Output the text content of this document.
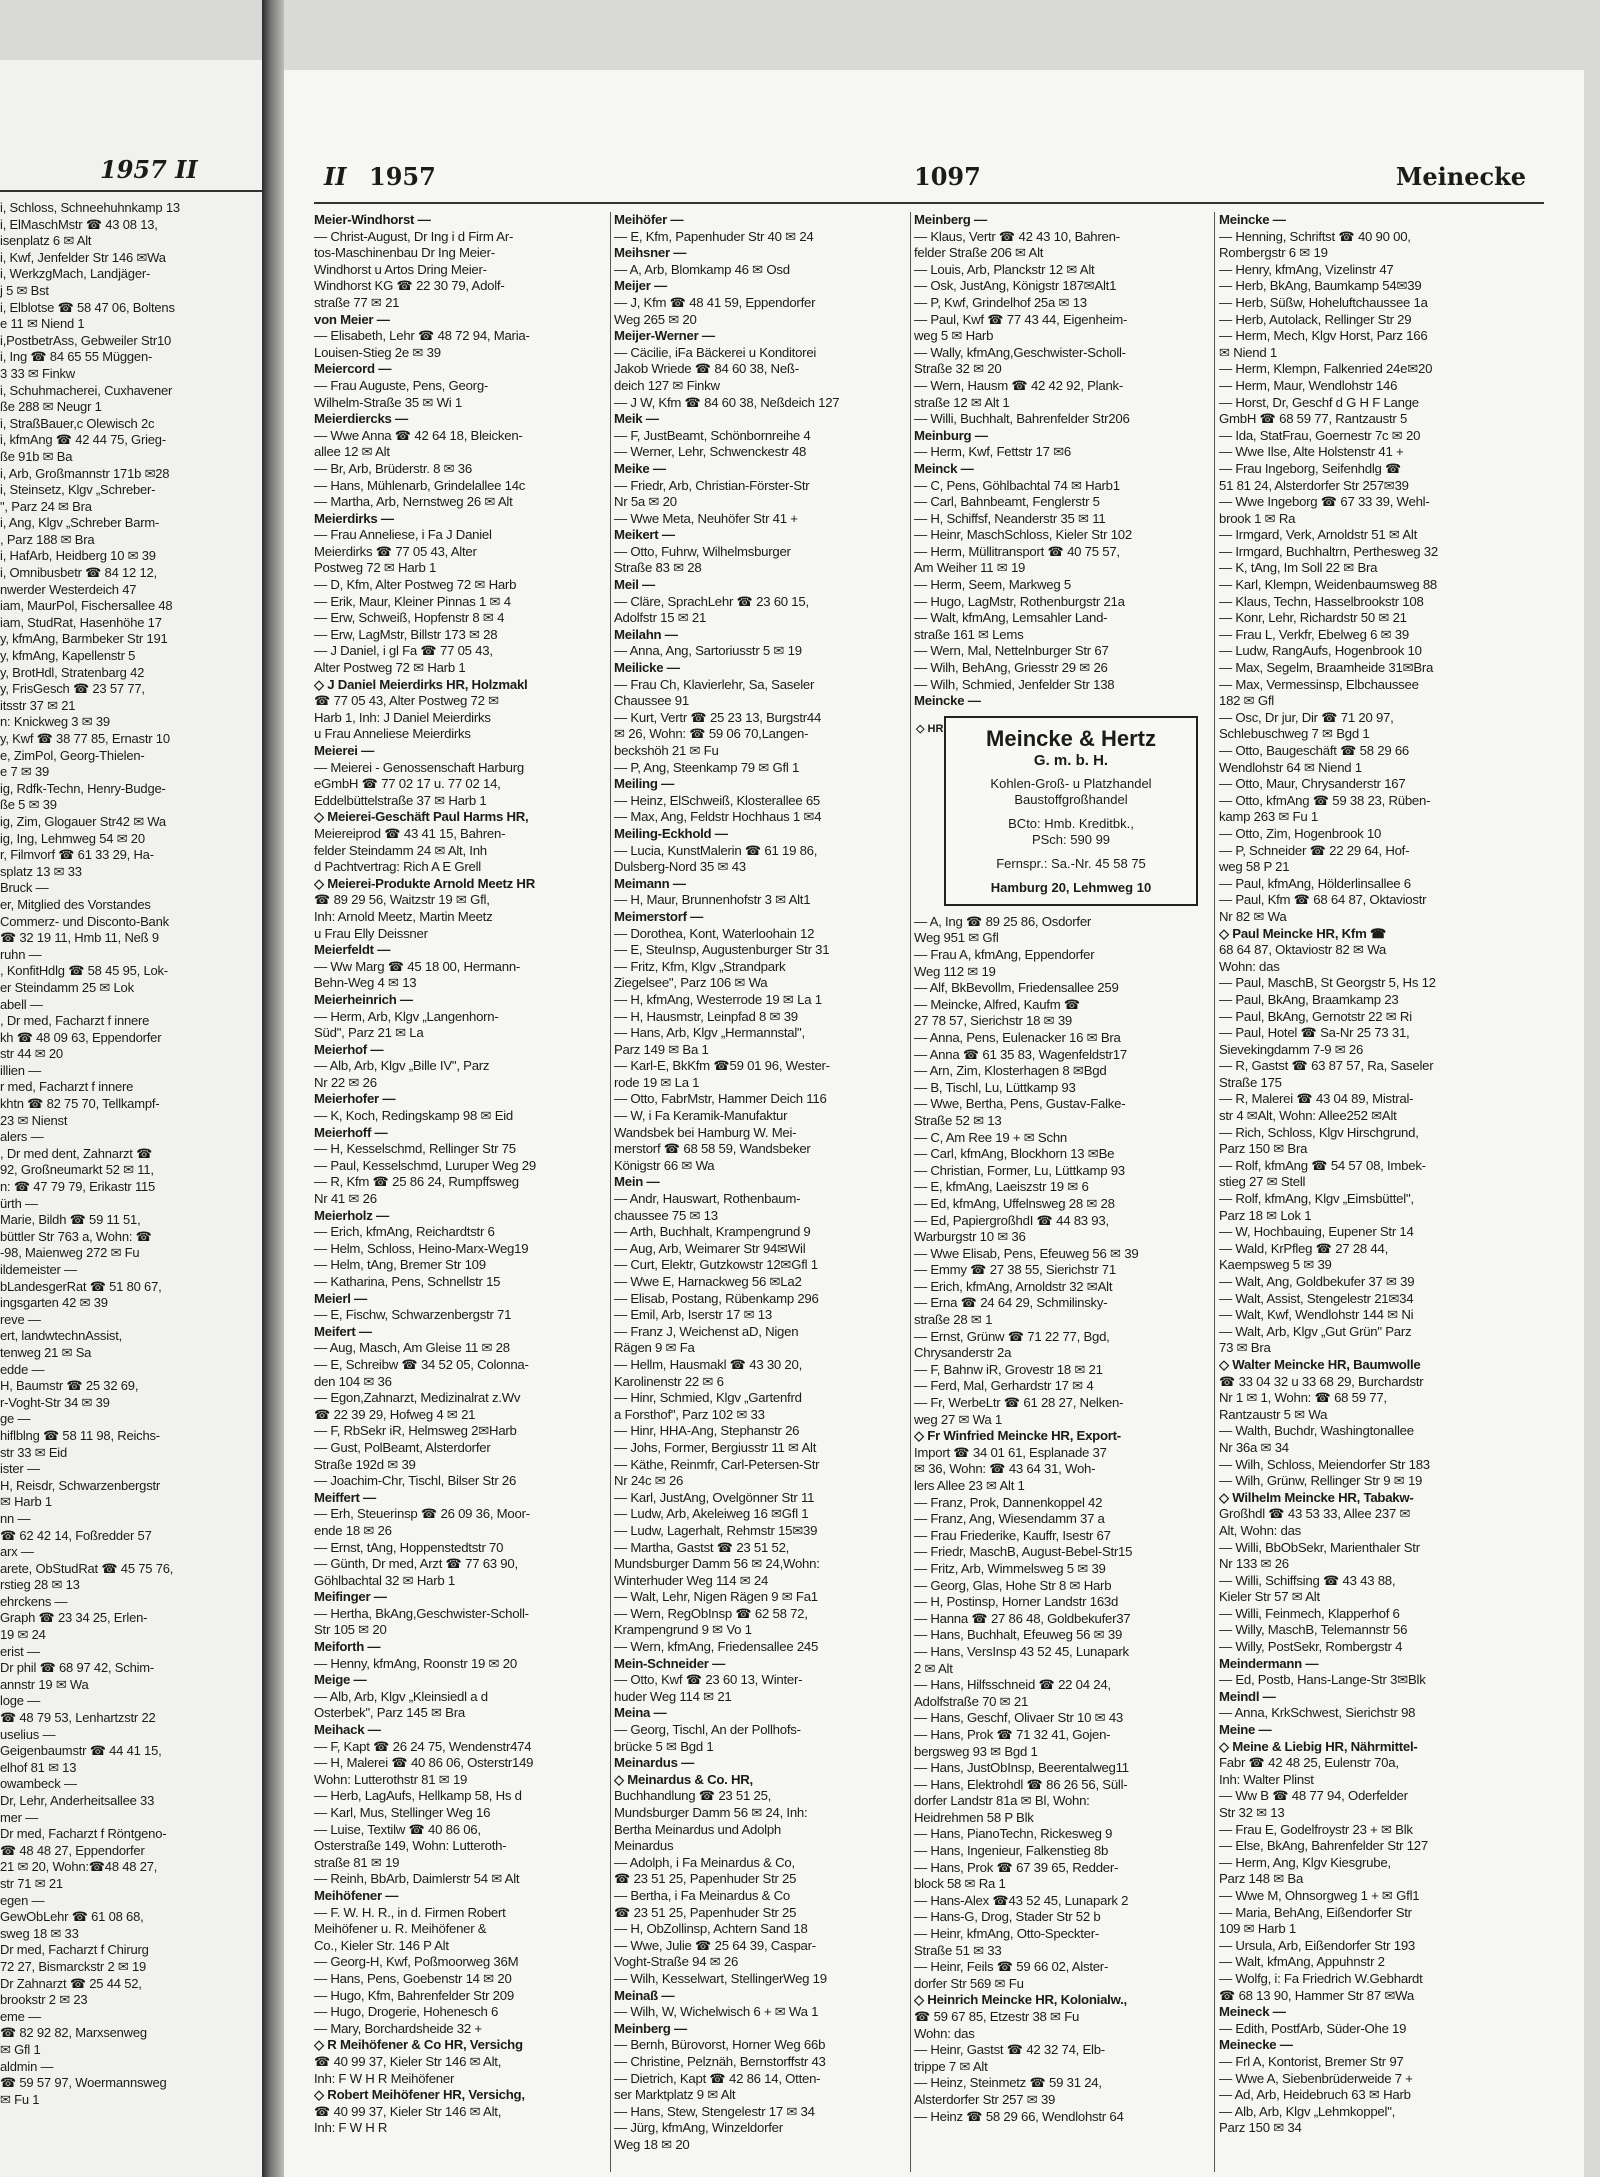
1957 II
i, Schloss, Schneehuhnkamp 13
i, ElMaschMstr ☎ 43 08 13,
isenplatz 6 ✉ Alt
i, Kwf, Jenfelder Str 146 ✉Wa
i, WerkzgMach, Landjäger-
j 5 ✉ Bst
i, Elblotse ☎ 58 47 06, Boltens
e 11 ✉ Niend 1
i,PostbetrAss, Gebweiler Str10
i, Ing ☎ 84 65 55 Müggen-
3 33 ✉ Finkw
i, Schuhmacherei, Cuxhavener
ße 288 ✉ Neugr 1
i, StraßBauer,c Olewisch 2c
i, kfmAng ☎ 42 44 75, Grieg-
ße 91b ✉ Ba
i, Arb, Großmannstr 171b ✉28
i, Steinsetz, Klgv „Schreber-
", Parz 24 ✉ Bra
i, Ang, Klgv „Schreber Barm-
, Parz 188 ✉ Bra
i, HafArb, Heidberg 10 ✉ 39
i, Omnibusbetr ☎ 84 12 12,
nwerder Westerdeich 47
iam, MaurPol, Fischersallee 48
iam, StudRat, Hasenhöhe 17
y, kfmAng, Barmbeker Str 191
y, kfmAng, Kapellenstr 5
y, BrotHdl, Stratenbarg 42
y, FrisGesch ☎ 23 57 77,
itsstr 37 ✉ 21
n: Knickweg 3 ✉ 39
y, Kwf ☎ 38 77 85, Ernastr 10
e, ZimPol, Georg-Thielen-
e 7 ✉ 39
ig, Rdfk-Techn, Henry-Budge-
ße 5 ✉ 39
ig, Zim, Glogauer Str42 ✉ Wa
ig, Ing, Lehmweg 54 ✉ 20
r, Filmvorf ☎ 61 33 29, Ha-
splatz 13 ✉ 33
Bruck —
er, Mitglied des Vorstandes
Commerz- und Disconto-Bank
☎ 32 19 11, Hmb 11, Neß 9
ruhn —
, KonfitHdlg ☎ 58 45 95, Lok-
er Steindamm 25 ✉ Lok
abell —
, Dr med, Facharzt f innere
kh ☎ 48 09 63, Eppendorfer
str 44 ✉ 20
illien —
r med, Facharzt f innere
khtn ☎ 82 75 70, Tellkampf-
23 ✉ Nienst
alers —
, Dr med dent, Zahnarzt ☎
92, Großneumarkt 52 ✉ 11,
n: ☎ 47 79 79, Erikastr 115
ürth —
Marie, Bildh ☎ 59 11 51,
büttler Str 763 a, Wohn: ☎
-98, Maienweg 272 ✉ Fu
ildemeister —
bLandesgerRat ☎ 51 80 67,
ingsgarten 42 ✉ 39
reve —
ert, landwtechnAssist,
tenweg 21 ✉ Sa
edde —
H, Baumstr ☎ 25 32 69,
r-Voght-Str 34 ✉ 39
ge —
hiflblng ☎ 58 11 98, Reichs-
str 33 ✉ Eid
ister —
H, Reisdr, Schwarzenbergstr
✉ Harb 1
nn —
☎ 62 42 14, Foßredder 57
arx —
arete, ObStudRat ☎ 45 75 76,
rstieg 28 ✉ 13
ehrckens —
Graph ☎ 23 34 25, Erlen-
19 ✉ 24
erist —
Dr phil ☎ 68 97 42, Schim-
annstr 19 ✉ Wa
loge —
☎ 48 79 53, Lenhartzstr 22
uselius —
Geigenbaumstr ☎ 44 41 15,
elhof 81 ✉ 13
owambeck —
Dr, Lehr, Anderheitsallee 33
mer —
Dr med, Facharzt f Röntgeno-
☎ 48 48 27, Eppendorfer
21 ✉ 20, Wohn:☎48 48 27,
str 71 ✉ 21
egen —
GewObLehr ☎ 61 08 68,
sweg 18 ✉ 33
Dr med, Facharzt f Chirurg
72 27, Bismarckstr 2 ✉ 19
Dr Zahnarzt ☎ 25 44 52,
brookstr 2 ✉ 23
eme —
☎ 82 92 82, Marxsenweg
✉ Gfl 1
aldmin —
☎ 59 57 97, Woermannsweg
✉ Fu 1
II 1957	1097	Meinecke
Meier-Windhorst —
— Christ-August, Dr Ing i d Firm Ar-
tos-Maschinenbau Dr Ing Meier-
Windhorst u Artos Dring Meier-
Windhorst KG ☎ 22 30 79, Adolf-
straße 77 ✉ 21
von Meier —
— Elisabeth, Lehr ☎ 48 72 94, Maria-
Louisen-Stieg 2e ✉ 39
Meiercord —
— Frau Auguste, Pens, Georg-
Wilhelm-Straße 35 ✉ Wi 1
Meierdiercks —
— Wwe Anna ☎ 42 64 18, Bleicken-
allee 12 ✉ Alt
— Br, Arb, Brüderstr. 8 ✉ 36
— Hans, Mühlenarb, Grindelallee 14c
— Martha, Arb, Nernstweg 26 ✉ Alt
Meierdirks —
— Frau Anneliese, i Fa J Daniel
Meierdirks ☎ 77 05 43, Alter
Postweg 72 ✉ Harb 1
— D, Kfm, Alter Postweg 72 ✉ Harb
— Erik, Maur, Kleiner Pinnas 1 ✉ 4
— Erw, Schweiß, Hopfenstr 8 ✉ 4
— Erw, LagMstr, Billstr 173 ✉ 28
— J Daniel, i gl Fa ☎ 77 05 43,
Alter Postweg 72 ✉ Harb 1
◇ J Daniel Meierdirks HR, Holzmakl
☎ 77 05 43, Alter Postweg 72 ✉
Harb 1, Inh: J Daniel Meierdirks
u Frau Anneliese Meierdirks
Meierei —
— Meierei - Genossenschaft Harburg
eGmbH ☎ 77 02 17 u. 77 02 14,
Eddelbüttelstraße 37 ✉ Harb 1
◇ Meierei-Geschäft Paul Harms HR,
Meiereiprod ☎ 43 41 15, Bahren-
felder Steindamm 24 ✉ Alt, Inh
d Pachtvertrag: Rich A E Grell
◇ Meierei-Produkte Arnold Meetz HR
☎ 89 29 56, Waitzstr 19 ✉ Gfl,
Inh: Arnold Meetz, Martin Meetz
u Frau Elly Deissner
Meierfeldt —
— Ww Marg ☎ 45 18 00, Hermann-
Behn-Weg 4 ✉ 13
Meierheinrich —
— Herm, Arb, Klgv „Langenhorn-
Süd", Parz 21 ✉ La
Meierhof —
— Alb, Arb, Klgv „Bille IV", Parz
Nr 22 ✉ 26
Meierhofer —
— K, Koch, Redingskamp 98 ✉ Eid
Meierhoff —
— H, Kesselschmd, Rellinger Str 75
— Paul, Kesselschmd, Luruper Weg 29
— R, Kfm ☎ 25 86 24, Rumpffsweg
Nr 41 ✉ 26
Meierholz —
— Erich, kfmAng, Reichardtstr 6
— Helm, Schloss, Heino-Marx-Weg19
— Helm, tAng, Bremer Str 109
— Katharina, Pens, Schnellstr 15
Meierl —
— E, Fischw, Schwarzenbergstr 71
Meifert —
— Aug, Masch, Am Gleise 11 ✉ 28
— E, Schreibw ☎ 34 52 05, Colonna-
den 104 ✉ 36
— Egon,Zahnarzt, Medizinalrat z.Wv
☎ 22 39 29, Hofweg 4 ✉ 21
— F, RbSekr iR, Helmsweg 2✉Harb
— Gust, PolBeamt, Alsterdorfer
Straße 192d ✉ 39
— Joachim-Chr, Tischl, Bilser Str 26
Meiffert —
— Erh, Steuerinsp ☎ 26 09 36, Moor-
ende 18 ✉ 26
— Ernst, tAng, Hoppenstedtstr 70
— Günth, Dr med, Arzt ☎ 77 63 90,
Göhlbachtal 32 ✉ Harb 1
Meifinger —
— Hertha, BkAng,Geschwister-Scholl-
Str 105 ✉ 20
Meiforth —
— Henny, kfmAng, Roonstr 19 ✉ 20
Meige —
— Alb, Arb, Klgv „Kleinsiedl a d
Osterbek", Parz 145 ✉ Bra
Meihack —
— F, Kapt ☎ 26 24 75, Wendenstr474
— H, Malerei ☎ 40 86 06, Osterstr149
Wohn: Lutterothstr 81 ✉ 19
— Herb, LagAufs, Hellkamp 58, Hs d
— Karl, Mus, Stellinger Weg 16
— Luise, Textilw ☎ 40 86 06,
Osterstraße 149, Wohn: Lutteroth-
straße 81 ✉ 19
— Reinh, BbArb, Daimlerstr 54 ✉ Alt
Meihöfener —
— F. W. H. R., in d. Firmen Robert
Meihöfener u. R. Meihöfener &
Co., Kieler Str. 146 P Alt
— Georg-H, Kwf, Poßmoorweg 36M
— Hans, Pens, Goebenstr 14 ✉ 20
— Hugo, Kfm, Bahrenfelder Str 209
— Hugo, Drogerie, Hohenesch 6
— Mary, Borchardsheide 32 +
◇ R Meihöfener & Co HR, Versichg
☎ 40 99 37, Kieler Str 146 ✉ Alt,
Inh: F W H R Meihöfener
◇ Robert Meihöfener HR, Versichg,
☎ 40 99 37, Kieler Str 146 ✉ Alt,
Inh: F W H R
Meihöfer —
— E, Kfm, Papenhuder Str 40 ✉ 24
Meihsner —
— A, Arb, Blomkamp 46 ✉ Osd
Meijer —
— J, Kfm ☎ 48 41 59, Eppendorfer
Weg 265 ✉ 20
Meijer-Werner —
— Cäcilie, iFa Bäckerei u Konditorei
Jakob Wriede ☎ 84 60 38, Neß-
deich 127 ✉ Finkw
— J W, Kfm ☎ 84 60 38, Neßdeich 127
Meik —
— F, JustBeamt, Schönbornreihe 4
— Werner, Lehr, Schwenckestr 48
Meike —
— Friedr, Arb, Christian-Förster-Str
Nr 5a ✉ 20
— Wwe Meta, Neuhöfer Str 41 +
Meikert —
— Otto, Fuhrw, Wilhelmsburger
Straße 83 ✉ 28
Meil —
— Cläre, SprachLehr ☎ 23 60 15,
Adolfstr 15 ✉ 21
Meilahn —
— Anna, Ang, Sartoriusstr 5 ✉ 19
Meilicke —
— Frau Ch, Klavierlehr, Sa, Saseler
Chaussee 91
— Kurt, Vertr ☎ 25 23 13, Burgstr44
✉ 26, Wohn: ☎ 59 06 70,Langen-
beckshöh 21 ✉ Fu
— P, Ang, Steenkamp 79 ✉ Gfl 1
Meiling —
— Heinz, ElSchweiß, Klosterallee 65
— Max, Ang, Feldstr Hochhaus 1 ✉4
Meiling-Eckhold —
— Lucia, KunstMalerin ☎ 61 19 86,
Dulsberg-Nord 35 ✉ 43
Meimann —
— H, Maur, Brunnenhofstr 3 ✉ Alt1
Meimerstorf —
— Dorothea, Kont, Waterloohain 12
— E, SteuInsp, Augustenburger Str 31
— Fritz, Kfm, Klgv „Strandpark
Ziegelsee", Parz 106 ✉ Wa
— H, kfmAng, Westerrode 19 ✉ La 1
— H, Hausmstr, Leinpfad 8 ✉ 39
— Hans, Arb, Klgv „Hermannstal",
Parz 149 ✉ Ba 1
— Karl-E, BkKfm ☎59 01 96, Wester-
rode 19 ✉ La 1
— Otto, FabrMstr, Hammer Deich 116
— W, i Fa Keramik-Manufaktur
Wandsbek bei Hamburg W. Mei-
merstorf ☎ 68 58 59, Wandsbeker
Königstr 66 ✉ Wa
Mein —
— Andr, Hauswart, Rothenbaum-
chaussee 75 ✉ 13
— Arth, Buchhalt, Krampengrund 9
— Aug, Arb, Weimarer Str 94✉Wil
— Curt, Elektr, Gutzkowstr 12✉Gfl 1
— Wwe E, Harnackweg 56 ✉La2
— Elisab, Postang, Rübenkamp 296
— Emil, Arb, Iserstr 17 ✉ 13
— Franz J, Weichenst aD, Nigen
Rägen 9 ✉ Fa
— Hellm, Hausmakl ☎ 43 30 20,
Karolinenstr 22 ✉ 6
— Hinr, Schmied, Klgv „Gartenfrd
a Forsthof", Parz 102 ✉ 33
— Hinr, HHA-Ang, Stephanstr 26
— Johs, Former, Bergiusstr 11 ✉ Alt
— Käthe, Reinmfr, Carl-Petersen-Str
Nr 24c ✉ 26
— Karl, JustAng, Ovelgönner Str 11
— Ludw, Arb, Akeleiweg 16 ✉Gfl 1
— Ludw, Lagerhalt, Rehmstr 15✉39
— Martha, Gastst ☎ 23 51 52,
Mundsburger Damm 56 ✉ 24,Wohn:
Winterhuder Weg 114 ✉ 24
— Walt, Lehr, Nigen Rägen 9 ✉ Fa1
— Wern, RegObInsp ☎ 62 58 72,
Krampengrund 9 ✉ Vo 1
— Wern, kfmAng, Friedensallee 245
Mein-Schneider —
— Otto, Kwf ☎ 23 60 13, Winter-
huder Weg 114 ✉ 21
Meina —
— Georg, Tischl, An der Pollhofs-
brücke 5 ✉ Bgd 1
Meinardus —
◇ Meinardus & Co. HR,
Buchhandlung ☎ 23 51 25,
Mundsburger Damm 56 ✉ 24, Inh:
Bertha Meinardus und Adolph
Meinardus
— Adolph, i Fa Meinardus & Co,
☎ 23 51 25, Papenhuder Str 25
— Bertha, i Fa Meinardus & Co
☎ 23 51 25, Papenhuder Str 25
— H, ObZollinsp, Achtern Sand 18
— Wwe, Julie ☎ 25 64 39, Caspar-
Voght-Straße 94 ✉ 26
— Wilh, Kesselwart, StellingerWeg 19
Meinaß —
— Wilh, W, Wichelwisch 6 + ✉ Wa 1
Meinberg —
— Bernh, Bürovorst, Horner Weg 66b
— Christine, Pelznäh, Bernstorffstr 43
— Dietrich, Kapt ☎ 42 86 14, Otten-
ser Marktplatz 9 ✉ Alt
— Hans, Stew, Stengelestr 17 ✉ 34
— Jürg, kfmAng, Winzeldorfer
Weg 18 ✉ 20
Meinberg —
— Klaus, Vertr ☎ 42 43 10, Bahren-
felder Straße 206 ✉ Alt
— Louis, Arb, Planckstr 12 ✉ Alt
— Osk, JustAng, Königstr 187✉Alt1
— P, Kwf, Grindelhof 25a ✉ 13
— Paul, Kwf ☎ 77 43 44, Eigenheim-
weg 5 ✉ Harb
— Wally, kfmAng,Geschwister-Scholl-
Straße 32 ✉ 20
— Wern, Hausm ☎ 42 42 92, Plank-
straße 12 ✉ Alt 1
— Willi, Buchhalt, Bahrenfelder Str206
Meinburg —
— Herm, Kwf, Fettstr 17 ✉6
Meinck —
— C, Pens, Göhlbachtal 74 ✉ Harb1
— Carl, Bahnbeamt, Fenglerstr 5
— H, Schiffsf, Neanderstr 35 ✉ 11
— Heinr, MaschSchloss, Kieler Str 102
— Herm, Müllitransport ☎ 40 75 57,
Am Weiher 11 ✉ 19
— Herm, Seem, Markweg 5
— Hugo, LagMstr, Rothenburgstr 21a
— Walt, kfmAng, Lemsahler Land-
straße 161 ✉ Lems
— Wern, Mal, Nettelnburger Str 67
— Wilh, BehAng, Griesstr 29 ✉ 26
— Wilh, Schmied, Jenfelder Str 138
Meincke —
◇ HR	Meincke & Hertz
G. m. b. H.
Kohlen-Groß- u Platzhandel
Baustoffgroßhandel
BCto: Hmb. Kreditbk.,
PSch: 590 99
Fernspr.: Sa.-Nr. 45 58 75
Hamburg 20, Lehmweg 10
— A, Ing ☎ 89 25 86, Osdorfer
Weg 951 ✉ Gfl
— Frau A, kfmAng, Eppendorfer
Weg 112 ✉ 19
— Alf, BkBevollm, Friedensallee 259
— Meincke, Alfred, Kaufm ☎
27 78 57, Sierichstr 18 ✉ 39
— Anna, Pens, Eulenacker 16 ✉ Bra
— Anna ☎ 61 35 83, Wagenfeldstr17
— Arn, Zim, Klosterhagen 8 ✉Bgd
— B, Tischl, Lu, Lüttkamp 93
— Wwe, Bertha, Pens, Gustav-Falke-
Straße 52 ✉ 13
— C, Am Ree 19 + ✉ Schn
— Carl, kfmAng, Blockhorn 13 ✉Be
— Christian, Former, Lu, Lüttkamp 93
— E, kfmAng, Laeiszstr 19 ✉ 6
— Ed, kfmAng, Uffelnsweg 28 ✉ 28
— Ed, PapiergroßhdI ☎ 44 83 93,
Warburgstr 10 ✉ 36
— Wwe Elisab, Pens, Efeuweg 56 ✉ 39
— Emmy ☎ 27 38 55, Sierichstr 71
— Erich, kfmAng, Arnoldstr 32 ✉Alt
— Erna ☎ 24 64 29, Schmilinsky-
straße 28 ✉ 1
— Ernst, Grünw ☎ 71 22 77, Bgd,
Chrysanderstr 2a
— F, Bahnw iR, Grovestr 18 ✉ 21
— Ferd, Mal, Gerhardstr 17 ✉ 4
— Fr, WerbeLtr ☎ 61 28 27, Nelken-
weg 27 ✉ Wa 1
◇ Fr Winfried Meincke HR, Export-
Import ☎ 34 01 61, Esplanade 37
✉ 36, Wohn: ☎ 43 64 31, Woh-
lers Allee 23 ✉ Alt 1
— Franz, Prok, Dannenkoppel 42
— Franz, Ang, Wiesendamm 37 a
— Frau Friederike, Kauffr, Isestr 67
— Friedr, MaschB, August-Bebel-Str15
— Fritz, Arb, Wimmelsweg 5 ✉ 39
— Georg, Glas, Hohe Str 8 ✉ Harb
— H, Postinsp, Horner Landstr 163d
— Hanna ☎ 27 86 48, Goldbekufer37
— Hans, Buchhalt, Efeuweg 56 ✉ 39
— Hans, VersInsp 43 52 45, Lunapark
2 ✉ Alt
— Hans, Hilfsschneid ☎ 22 04 24,
Adolfstraße 70 ✉ 21
— Hans, Geschf, Olivaer Str 10 ✉ 43
— Hans, Prok ☎ 71 32 41, Gojen-
bergsweg 93 ✉ Bgd 1
— Hans, JustObInsp, Beerentalweg11
— Hans, Elektrohdl ☎ 86 26 56, Süll-
dorfer Landstr 81a ✉ Bl, Wohn:
Heidrehmen 58 P Blk
— Hans, PianoTechn, Rickesweg 9
— Hans, Ingenieur, Falkenstieg 8b
— Hans, Prok ☎ 67 39 65, Redder-
block 58 ✉ Ra 1
— Hans-Alex ☎43 52 45, Lunapark 2
— Hans-G, Drog, Stader Str 52 b
— Heinr, kfmAng, Otto-Speckter-
Straße 51 ✉ 33
— Heinr, Feils ☎ 59 66 02, Alster-
dorfer Str 569 ✉ Fu
◇ Heinrich Meincke HR, Kolonialw.,
☎ 59 67 85, Etzestr 38 ✉ Fu
Wohn: das
— Heinr, Gastst ☎ 42 32 74, Elb-
trippe 7 ✉ Alt
— Heinz, Steinmetz ☎ 59 31 24,
Alsterdorfer Str 257 ✉ 39
— Heinz ☎ 58 29 66, Wendlohstr 64
Meincke —
— Henning, Schriftst ☎ 40 90 00,
Rombergstr 6 ✉ 19
— Henry, kfmAng, Vizelinstr 47
— Herb, BkAng, Baumkamp 54✉39
— Herb, Süßw, Hoheluftchaussee 1a
— Herb, Autolack, Rellinger Str 29
— Herm, Mech, Klgv Horst, Parz 166
✉ Niend 1
— Herm, Klempn, Falkenried 24e✉20
— Herm, Maur, Wendlohstr 146
— Horst, Dr, Geschf d G H F Lange
GmbH ☎ 68 59 77, Rantzaustr 5
— Ida, StatFrau, Goernestr 7c ✉ 20
— Wwe Ilse, Alte Holstenstr 41 +
— Frau Ingeborg, Seifenhdlg ☎
51 81 24, Alsterdorfer Str 257✉39
— Wwe Ingeborg ☎ 67 33 39, Wehl-
brook 1 ✉ Ra
— Irmgard, Verk, Arnoldstr 51 ✉ Alt
— Irmgard, Buchhaltrn, Perthesweg 32
— K, tAng, Im Soll 22 ✉ Bra
— Karl, Klempn, Weidenbaumsweg 88
— Klaus, Techn, Hasselbrookstr 108
— Konr, Lehr, Richardstr 50 ✉ 21
— Frau L, Verkfr, Ebelweg 6 ✉ 39
— Ludw, RangAufs, Hogenbrook 10
— Max, Segelm, Braamheide 31✉Bra
— Max, Vermessinsp, Elbchaussee
182 ✉ Gfl
— Osc, Dr jur, Dir ☎ 71 20 97,
Schlebuschweg 7 ✉ Bgd 1
— Otto, Baugeschäft ☎ 58 29 66
Wendlohstr 64 ✉ Niend 1
— Otto, Maur, Chrysanderstr 167
— Otto, kfmAng ☎ 59 38 23, Rüben-
kamp 263 ✉ Fu 1
— Otto, Zim, Hogenbrook 10
— P, Schneider ☎ 22 29 64, Hof-
weg 58 P 21
— Paul, kfmAng, Hölderlinsallee 6
— Paul, Kfm ☎ 68 64 87, Oktaviostr
Nr 82 ✉ Wa
◇ Paul Meincke HR, Kfm ☎
68 64 87, Oktaviostr 82 ✉ Wa
Wohn: das
— Paul, MaschB, St Georgstr 5, Hs 12
— Paul, BkAng, Braamkamp 23
— Paul, BkAng, Gernotstr 22 ✉ Ri
— Paul, Hotel ☎ Sa-Nr 25 73 31,
Sievekingdamm 7-9 ✉ 26
— R, Gastst ☎ 63 87 57, Ra, Saseler
Straße 175
— R, Malerei ☎ 43 04 89, Mistral-
str 4 ✉Alt, Wohn: Allee252 ✉Alt
— Rich, Schloss, Klgv Hirschgrund,
Parz 150 ✉ Bra
— Rolf, kfmAng ☎ 54 57 08, Imbek-
stieg 27 ✉ Stell
— Rolf, kfmAng, Klgv „Eimsbüttel",
Parz 18 ✉ Lok 1
— W, Hochbauing, Eupener Str 14
— Wald, KrPfleg ☎ 27 28 44,
Kaempsweg 5 ✉ 39
— Walt, Ang, Goldbekufer 37 ✉ 39
— Walt, Assist, Stengelestr 21✉34
— Walt, Kwf, Wendlohstr 144 ✉ Ni
— Walt, Arb, Klgv „Gut Grün" Parz
73 ✉ Bra
◇ Walter Meincke HR, Baumwolle
☎ 33 04 32 u 33 68 29, Burchardstr
Nr 1 ✉ 1, Wohn: ☎ 68 59 77,
Rantzaustr 5 ✉ Wa
— Walth, Buchdr, Washingtonallee
Nr 36a ✉ 34
— Wilh, Schloss, Meiendorfer Str 183
— Wilh, Grünw, Rellinger Str 9 ✉ 19
◇ Wilhelm Meincke HR, Tabakw-
Großhdl ☎ 43 53 33, Allee 237 ✉
Alt, Wohn: das
— Willi, BbObSekr, Marienthaler Str
Nr 133 ✉ 26
— Willi, Schiffsing ☎ 43 43 88,
Kieler Str 57 ✉ Alt
— Willi, Feinmech, Klapperhof 6
— Willy, MaschB, Telemannstr 56
— Willy, PostSekr, Rombergstr 4
Meindermann —
— Ed, Postb, Hans-Lange-Str 3✉Blk
Meindl —
— Anna, KrkSchwest, Sierichstr 98
Meine —
◇ Meine & Liebig HR, Nährmittel-
Fabr ☎ 42 48 25, Eulenstr 70a,
Inh: Walter Plinst
— Ww B ☎ 48 77 94, Oderfelder
Str 32 ✉ 13
— Frau E, Godelfroystr 23 + ✉ Blk
— Else, BkAng, Bahrenfelder Str 127
— Herm, Ang, Klgv Kiesgrube,
Parz 148 ✉ Ba
— Wwe M, Ohnsorgweg 1 + ✉ Gfl1
— Maria, BehAng, Eißendorfer Str
109 ✉ Harb 1
— Ursula, Arb, Eißendorfer Str 193
— Walt, kfmAng, Appuhnstr 2
— Wolfg, i: Fa Friedrich W.Gebhardt
☎ 68 13 90, Hammer Str 87 ✉Wa
Meineck —
— Edith, PostfArb, Süder-Ohe 19
Meinecke —
— Frl A, Kontorist, Bremer Str 97
— Wwe A, Siebenbrüderweide 7 +
— Ad, Arb, Heidebruch 63 ✉ Harb
— Alb, Arb, Klgv „Lehmkoppel",
Parz 150 ✉ 34
